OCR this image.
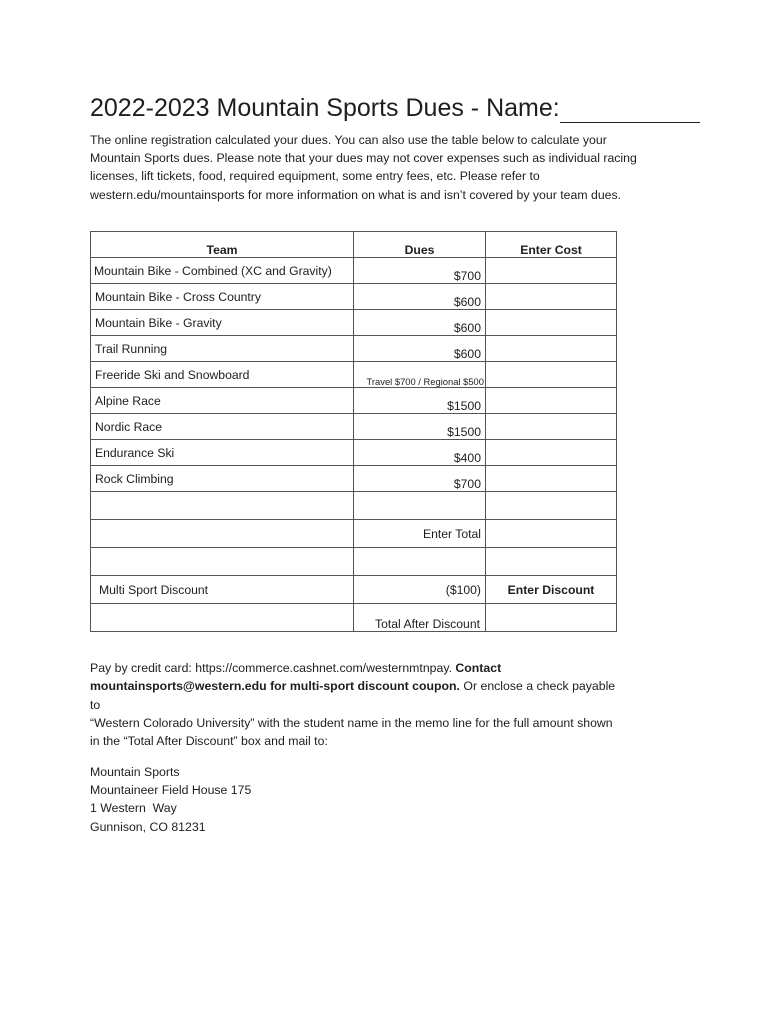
2022-2023 Mountain Sports Dues - Name:
The online registration calculated your dues. You can also use the table below to calculate your Mountain Sports dues. Please note that your dues may not cover expenses such as individual racing licenses, lift tickets, food, required equipment, some entry fees, etc. Please refer to western.edu/mountainsports for more information on what is and isn’t covered by your team dues.
Team	Dues	Enter Cost
Mountain Bike - Combined (XC and Gravity)	$700	
Mountain Bike - Cross Country	$600	
Mountain Bike - Gravity	$600	
Trail Running	$600	
Freeride Ski and Snowboard	Travel $700 / Regional $500	
Alpine Race	$1500	
Nordic Race	$1500	
Endurance Ski	$400	
Rock Climbing	$700	

	Enter Total	

Multi Sport Discount	($100)	Enter Discount
	Total After Discount	
Pay by credit card: https://commerce.cashnet.com/westernmtnpay. Contact mountainsports@western.edu for multi-sport discount coupon. Or enclose a check payable to
“Western Colorado University” with the student name in the memo line for the full amount shown in the “Total After Discount” box and mail to:
Mountain Sports
Mountaineer Field House 175
1 Western  Way
Gunnison, CO 81231
